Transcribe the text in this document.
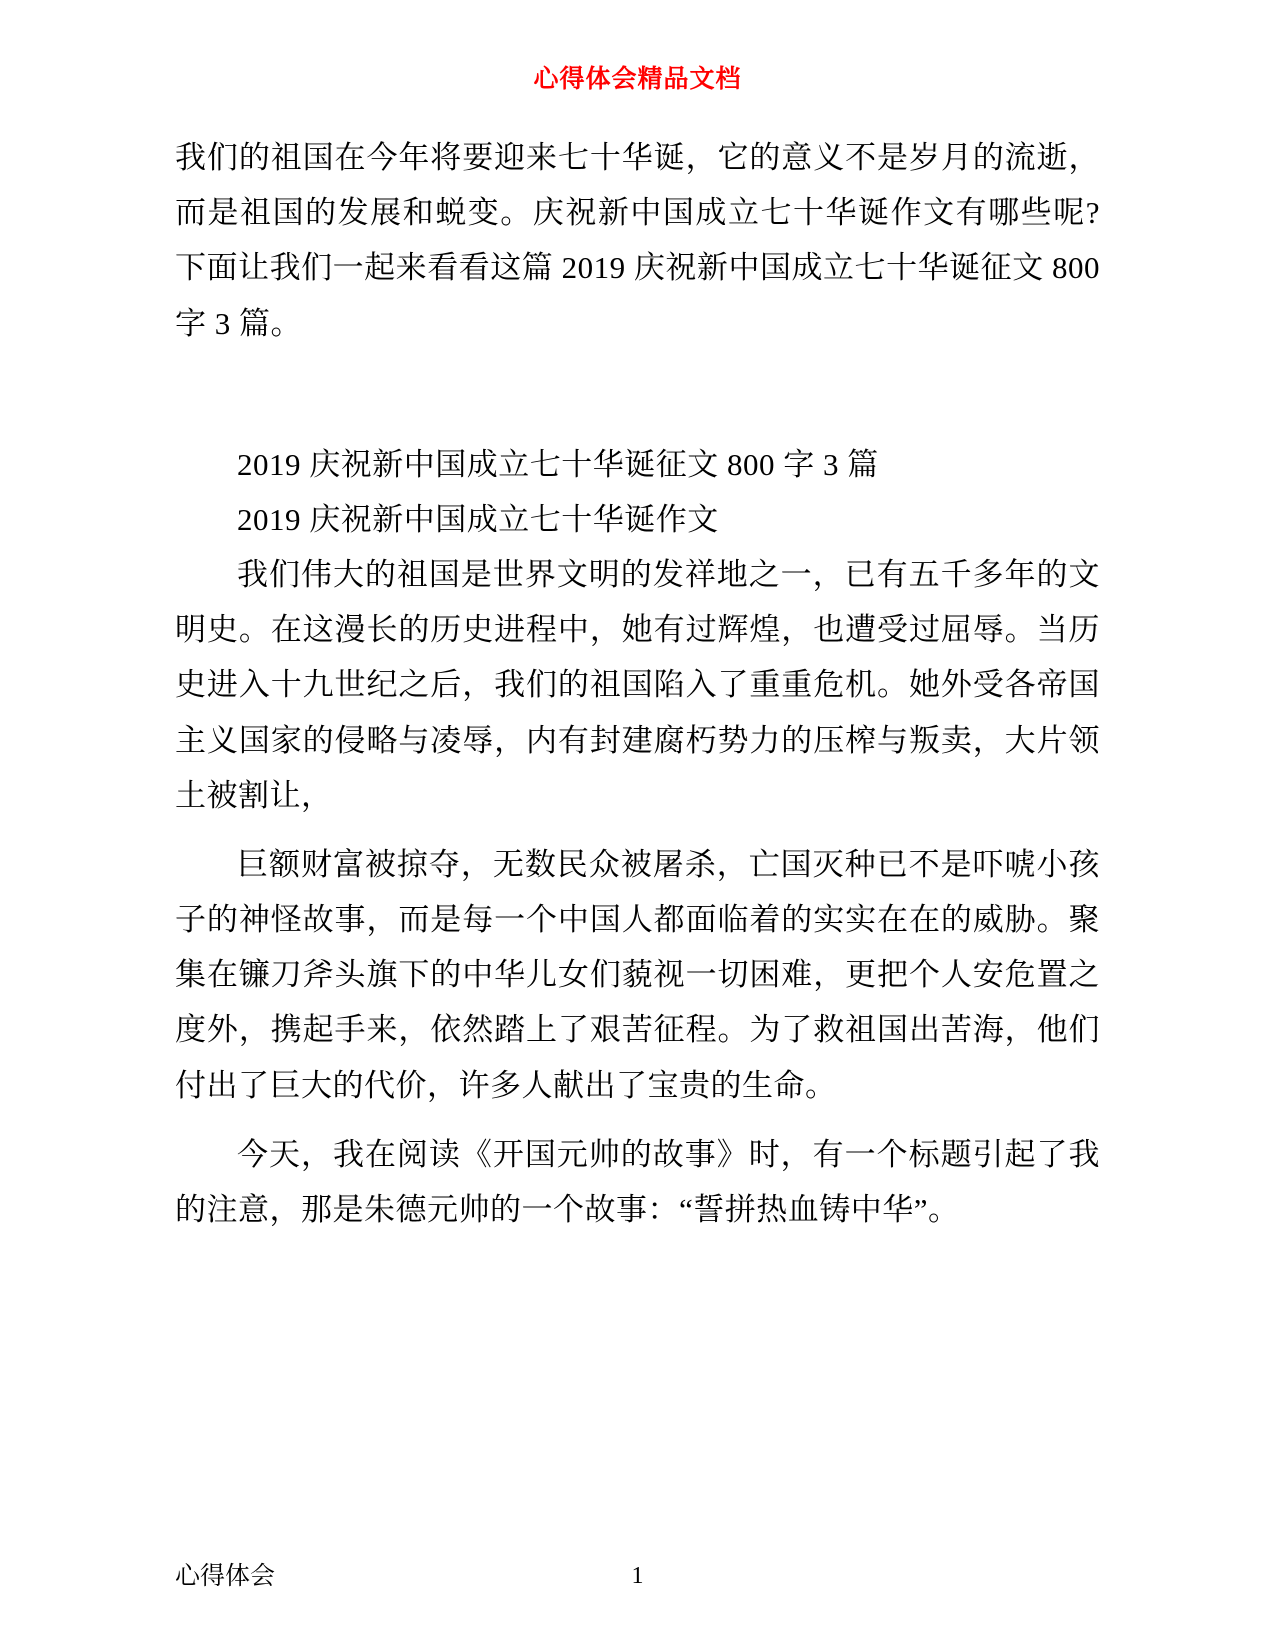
心得体会精品文档

我们的祖国在今年将要迎来七十华诞，它的意义不是岁月的流逝，而是祖国的发展和蜕变。庆祝新中国成立七十华诞作文有哪些呢?下面让我们一起来看看这篇 2019 庆祝新中国成立七十华诞征文 800 字 3 篇。

2019 庆祝新中国成立七十华诞征文 800 字 3 篇

2019 庆祝新中国成立七十华诞作文

我们伟大的祖国是世界文明的发祥地之一，已有五千多年的文明史。在这漫长的历史进程中，她有过辉煌，也遭受过屈辱。当历史进入十九世纪之后，我们的祖国陷入了重重危机。她外受各帝国主义国家的侵略与凌辱，内有封建腐朽势力的压榨与叛卖，大片领土被割让，

巨额财富被掠夺，无数民众被屠杀，亡国灭种已不是吓唬小孩子的神怪故事，而是每一个中国人都面临着的实实在在的威胁。聚集在镰刀斧头旗下的中华儿女们藐视一切困难，更把个人安危置之度外，携起手来，依然踏上了艰苦征程。为了救祖国出苦海，他们付出了巨大的代价，许多人献出了宝贵的生命。

今天，我在阅读《开国元帅的故事》时，有一个标题引起了我的注意，那是朱德元帅的一个故事：“誓拼热血铸中华”。

心得体会	1
